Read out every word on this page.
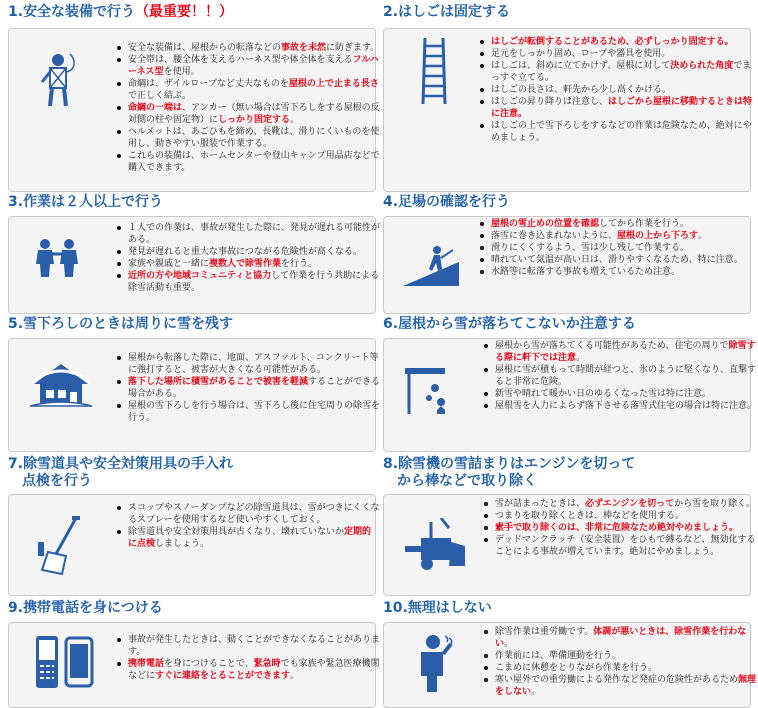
1.安全な装備で行う（最重要！！）
安全な装備は、屋根からの転落などの事故を未然に防ぎます。
安全帯は、腰全体を支えるハーネス型や体全体を支えるフルハーネス型を使用。
命綱は、ザイルロープなど丈夫なものを屋根の上で止まる長さで正しく結ぶ。
命綱の一端は、アンカー（無い場合は雪下ろしをする屋根の反対側の柱や固定物）にしっかり固定する。
ヘルメットは、あごひもを締め、長靴は、滑りにくいものを使用し、動きやすい服装で作業する。
これらの装備は、ホームセンターや登山キャンプ用品店などで購入できます。
2.はしごは固定する
はしごが転倒することがあるため、必ずしっかり固定する。
足元をしっかり固め、ロープや器具を使用。
はしごは、斜めに立てかけず、屋根に対して決められた角度でまっすぐ立てる。
はしごの長さは、軒先から少し高くかける。
はしごの昇り降りは注意し、はしごから屋根に移動するときは特に注意。
はしごの上で雪下ろしをするなどの作業は危険なため、絶対にやめましょう。
3.作業は２人以上で行う
１人での作業は、事故が発生した際に、発見が遅れる可能性がある。
発見が遅れると重大な事故につながる危険性が高くなる。
家族や親戚と一緒に複数人で除雪作業を行う。
近所の方や地域コミュニティと協力して作業を行う共助による除雪活動も重要。
4.足場の確認を行う
屋根の雪止めの位置を確認してから作業を行う。
落雪に巻き込まれないように、屋根の上から下ろす。
滑りにくくするよう、雪は少し残して作業する。
晴れていて気温が高い日は、滑りやすくなるため、特に注意。
水路等に転落する事故も増えているため注意。
5.雪下ろしのときは周りに雪を残す
屋根から転落した際に、地面、アスファルト、コンクリート等に強打すると、被害が大きくなる可能性がある。
落下した場所に積雪があることで被害を軽減することができる場合がある。
屋根の雪下ろしを行う場合は、雪下ろし後に住宅周りの除雪を行う。
6.屋根から雪が落ちてこないか注意する
屋根から雪が落ちてくる可能性があるため、住宅の周りで除雪する際に軒下では注意。
屋根に雪が積もって時間が経つと、氷のように堅くなり、直撃すると非常に危険。
新雪や晴れて暖かい日のゆるくなった雪は特に注意。
屋根雪を人力によらず落下させる落雪式住宅の場合は特に注意。
7.除雪道具や安全対策用具の手入れ
点検を行う
スコップやスノーダンプなどの除雪道具は、雪がつきにくくなるスプレーを使用するなど使いやすくしておく。
除雪道具や安全対策用具が古くなり、壊れていないか定期的に点検しましょう。
8.除雪機の雪詰まりはエンジンを切って
から棒などで取り除く
雪が詰まったときは、必ずエンジンを切ってから雪を取り除く。
つまりを取り除くときは、棒などを使用する。
素手で取り除くのは、非常に危険なため絶対やめましょう。
デッドマンクラッチ（安全装置）をひもで縛るなど、無効化することによる事故が増えています。絶対にやめましょう。
9.携帯電話を身につける
事故が発生したときは、動くことができなくなることがあります。
携帯電話を身につけることで、緊急時でも家族や緊急医療機関などにすぐに連絡をとることができます。
10.無理はしない
除雪作業は重労働です。体調が悪いときは、除雪作業を行わない。
作業前には、準備運動を行う。
こまめに休憩をとりながら作業を行う。
寒い屋外での重労働による発作など発症の危険性があるため無理をしない。
